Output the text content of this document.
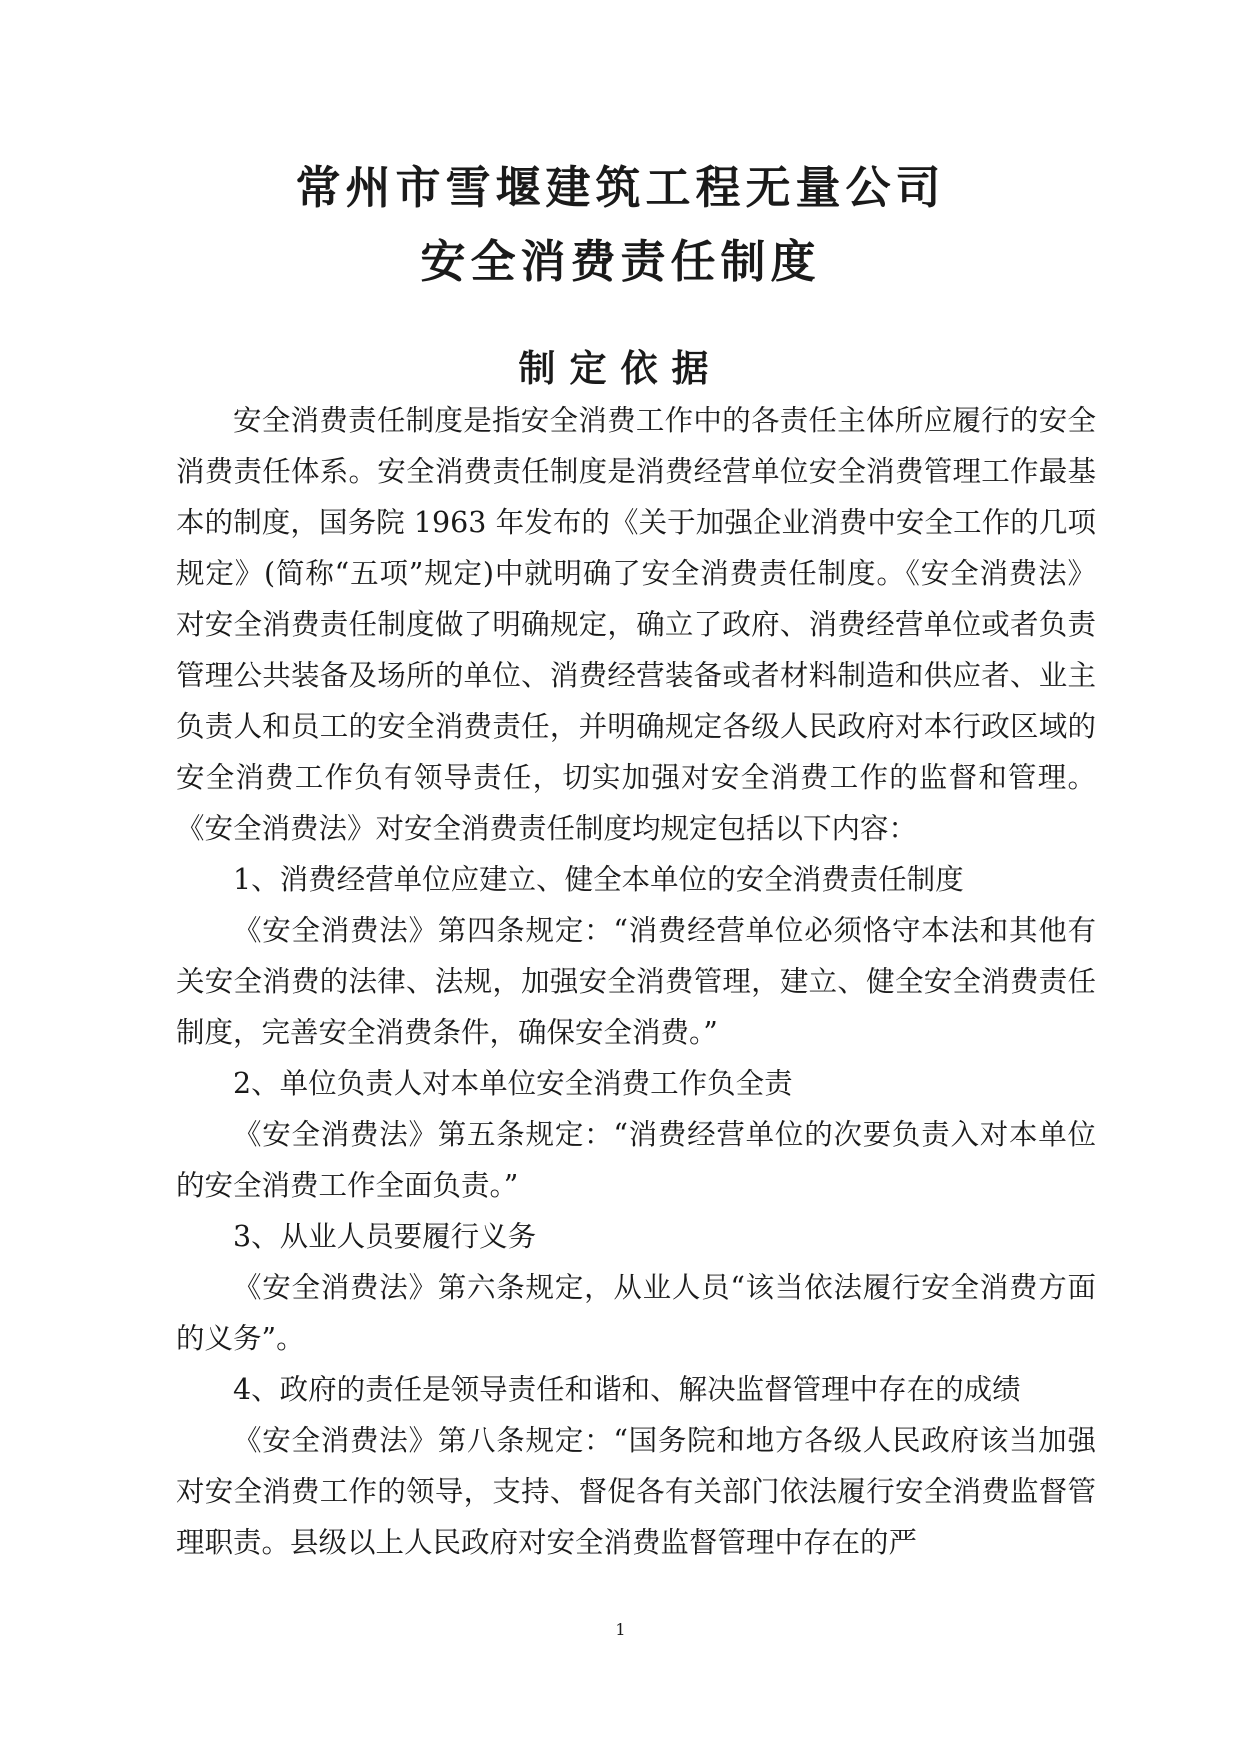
常州市雪堰建筑工程无量公司
安全消费责任制度
制定依据

安全消费责任制度是指安全消费工作中的各责任主体所应履行的安全消费责任体系。安全消费责任制度是消费经营单位安全消费管理工作最基本的制度，国务院 1963 年发布的《关于加强企业消费中安全工作的几项规定》(简称“五项”规定)中就明确了安全消费责任制度。《安全消费法》对安全消费责任制度做了明确规定，确立了政府、消费经营单位或者负责管理公共装备及场所的单位、消费经营装备或者材料制造和供应者、业主负责人和员工的安全消费责任，并明确规定各级人民政府对本行政区域的安全消费工作负有领导责任，切实加强对安全消费工作的监督和管理。《安全消费法》对安全消费责任制度均规定包括以下内容：

1、消费经营单位应建立、健全本单位的安全消费责任制度

《安全消费法》第四条规定：“消费经营单位必须恪守本法和其他有关安全消费的法律、法规，加强安全消费管理，建立、健全安全消费责任制度，完善安全消费条件，确保安全消费。”

2、单位负责人对本单位安全消费工作负全责

《安全消费法》第五条规定：“消费经营单位的次要负责入对本单位的安全消费工作全面负责。”

3、从业人员要履行义务

《安全消费法》第六条规定，从业人员“该当依法履行安全消费方面的义务”。

4、政府的责任是领导责任和谐和、解决监督管理中存在的成绩

《安全消费法》第八条规定：“国务院和地方各级人民政府该当加强对安全消费工作的领导，支持、督促各有关部门依法履行安全消费监督管理职责。县级以上人民政府对安全消费监督管理中存在的严

1
